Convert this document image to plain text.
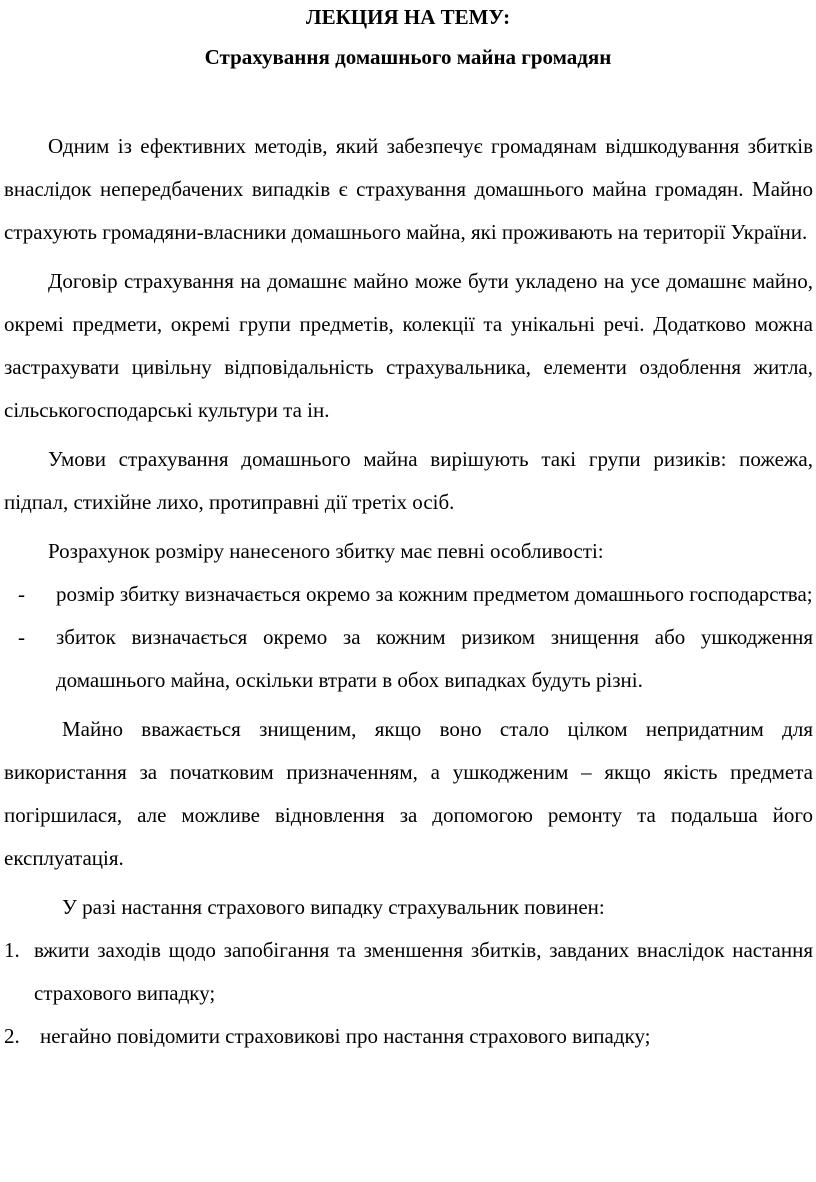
ЛЕКЦИЯ НА ТЕМУ:
Страхування домашнього майна громадян

Одним із ефективних методів, який забезпечує громадянам відшкодування збитків внаслідок непередбачених випадків є страхування домашнього майна громадян. Майно страхують громадяни-власники домашнього майна, які проживають на території України.

Договір страхування на домашнє майно може бути укладено на усе домашнє майно, окремі предмети, окремі групи предметів, колекції та унікальні речі. Додатково можна застрахувати цивільну відповідальність страхувальника, елементи оздоблення житла, сільськогосподарські культури та ін.

Умови страхування домашнього майна вирішують такі групи ризиків: пожежа, підпал, стихійне лихо, протиправні дії третіх осіб.

Розрахунок розміру нанесеного збитку має певні особливості:

- розмір збитку визначається окремо за кожним предметом домашнього господарства;
- збиток визначається окремо за кожним ризиком знищення або ушкодження домашнього майна, оскільки втрати в обох випадках будуть різні.

Майно вважається знищеним, якщо воно стало цілком непридатним для використання за початковим призначенням, а ушкодженим – якщо якість предмета погіршилася, але можливе відновлення за допомогою ремонту та подальша його експлуатація.

У разі настання страхового випадку страхувальник повинен:

1. вжити заходів щодо запобігання та зменшення збитків, завданих внаслідок настання страхового випадку;
2. негайно повідомити страховикові про настання страхового випадку;
